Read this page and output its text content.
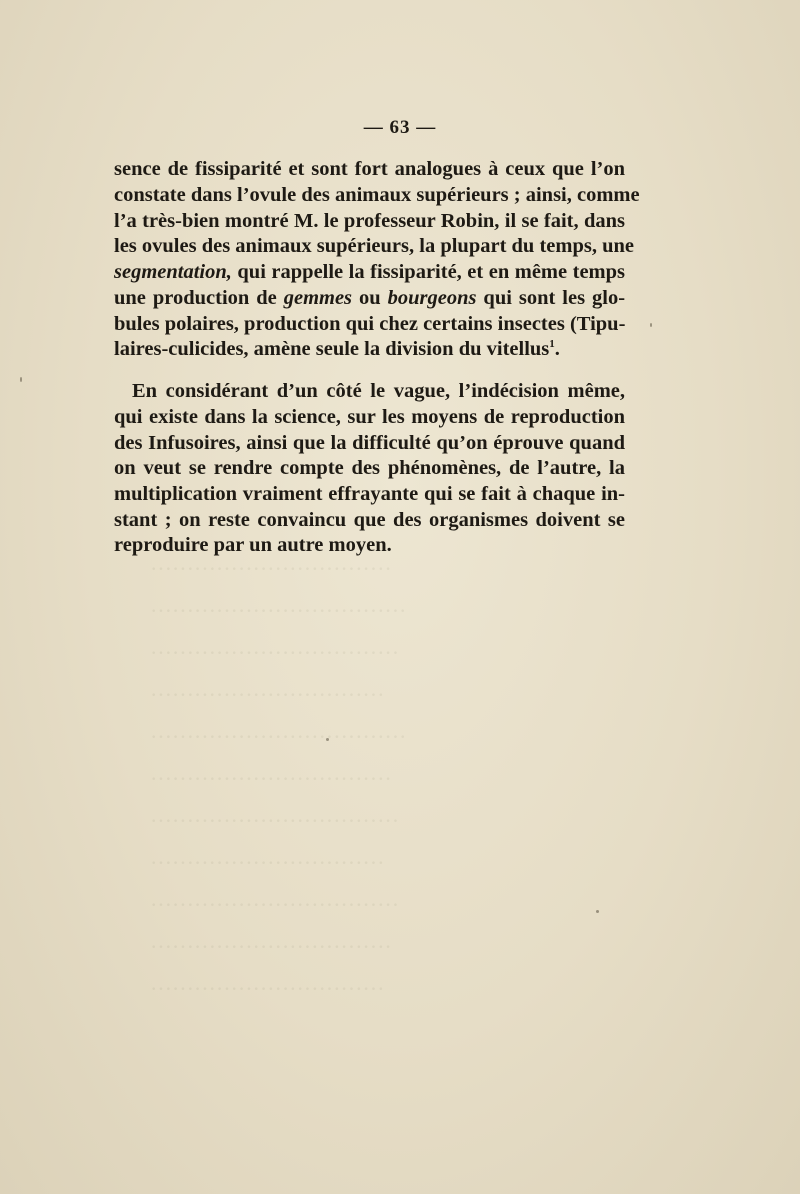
·································
···································
··································
································
···································
·································
··································
································
··································
·································
································
— 63 —
sence de fissiparité et sont fort analogues à ceux que l’on
constate dans l’ovule des animaux supérieurs ; ainsi, comme
l’a très-bien montré M. le professeur Robin, il se fait, dans
les ovules des animaux supérieurs, la plupart du temps, une
segmentation, qui rappelle la fissiparité, et en même temps
une production de gemmes ou bourgeons qui sont les glo-
bules polaires, production qui chez certains insectes (Tipu-
laires-culicides, amène seule la division du vitellus$^1$.
En considérant d’un côté le vague, l’indécision même,
qui existe dans la science, sur les moyens de reproduction
des Infusoires, ainsi que la difficulté qu’on éprouve quand
on veut se rendre compte des phénomènes, de l’autre, la
multiplication vraiment effrayante qui se fait à chaque in-
stant ; on reste convaincu que des organismes doivent se
reproduire par un autre moyen.
